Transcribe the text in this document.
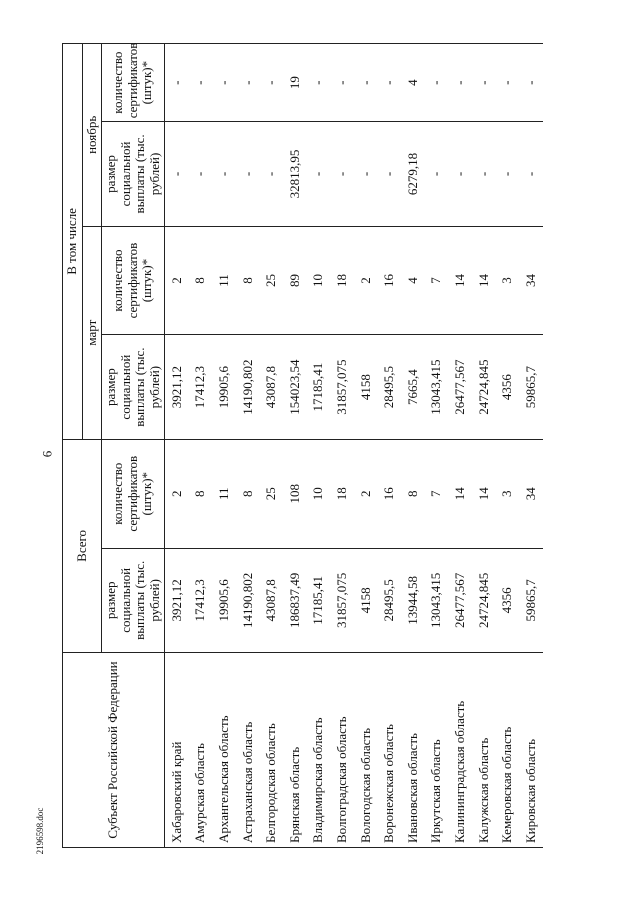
6
2196598.doc	Субъект Российской Федерации	Всего		В том числе			
			март		ноябрь	
	размер социальной выплаты (тыс. рублей)	количество сертификатов (штук)*	размер социальной выплаты (тыс. рублей)	количество сертификатов (штук)*	размер социальной выплаты (тыс. рублей)	количество сертификатов (штук)*
Хабаровский край	3921,12	2	3921,12	2	-	-
Амурская область	17412,3	8	17412,3	8	-	-
Архангельская область	19905,6	11	19905,6	11	-	-
Астраханская область	14190,802	8	14190,802	8	-	-
Белгородская область	43087,8	25	43087,8	25	-	-
Брянская область	186837,49	108	154023,54	89	32813,95	19
Владимирская область	17185,41	10	17185,41	10	-	-
Волгоградская область	31857,075	18	31857,075	18	-	-
Вологодская область	4158	2	4158	2	-	-
Воронежская область	28495,5	16	28495,5	16	-	-
Ивановская область	13944,58	8	7665,4	4	6279,18	4
Иркутская область	13043,415	7	13043,415	7	-	-
Калининградская область	26477,567	14	26477,567	14	-	-
Калужская область	24724,845	14	24724,845	14	-	-
Кемеровская область	4356	3	4356	3	-	-
Кировская область	59865,7	34	59865,7	34	-	-
